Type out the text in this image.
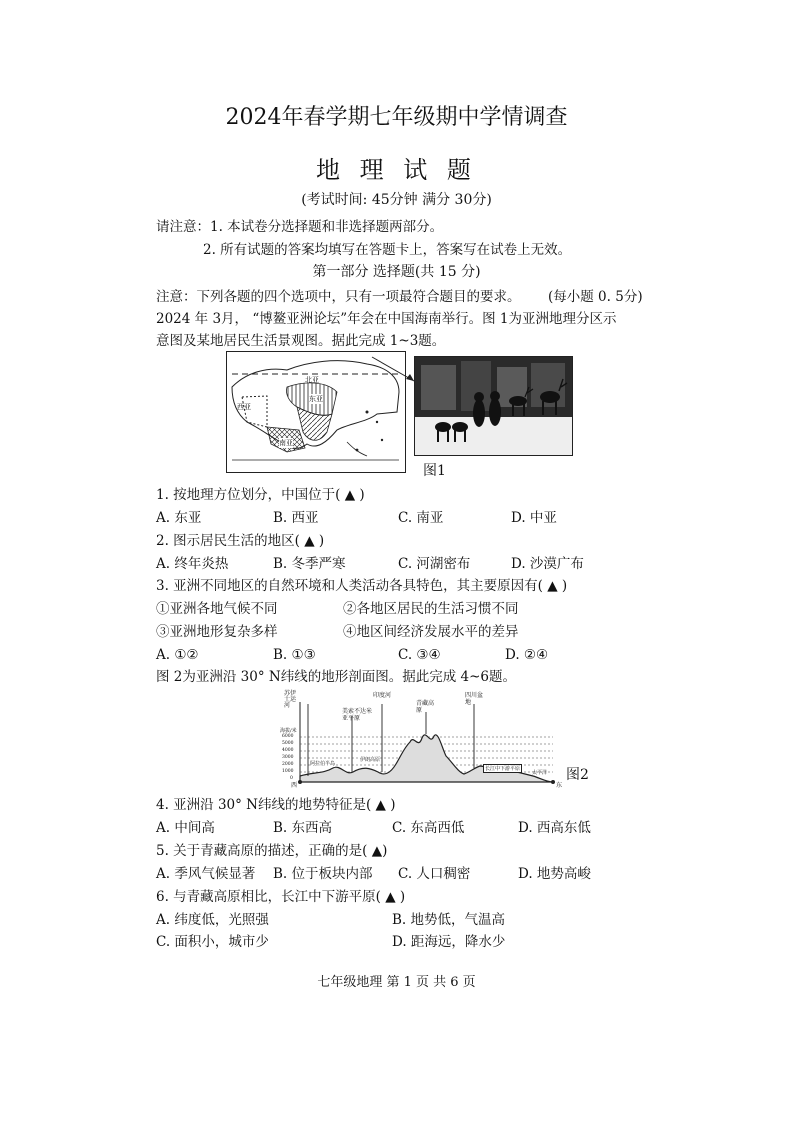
2024年春学期七年级期中学情调查
地 理 试 题
(考试时间: 45分钟 满分 30分)
请注意：1. 本试卷分选择题和非选择题两部分。
2. 所有试题的答案均填写在答题卡上，答案写在试卷上无效。
第一部分 选择题(共 15 分)
注意：下列各题的四个选项中，只有一项最符合题目的要求。 (每小题 0. 5分)
2024 年 3月， “博鳌亚洲论坛”年会在中国海南举行。图 1为亚洲地理分区示
意图及某地居民生活景观图。据此完成 1~3题。
北亚
西亚
东亚
南亚
图1
1. 按地理方位划分，中国位于( ▲ )
A. 东亚	B. 西亚	C. 南亚	D. 中亚
2. 图示居民生活的地区( ▲ )
A. 终年炎热	B. 冬季严寒	C. 河湖密布	D. 沙漠广布
3. 亚洲不同地区的自然环境和人类活动各具特色，其主要原因有( ▲ )
①亚洲各地气候不同	②各地区居民的生活习惯不同
③亚洲地形复杂多样	④地区间经济发展水平的差异
A. ①②	B. ①③	C. ③④	D. ②④
图 2为亚洲沿 30° N纬线的地形剖面图。据此完成 4~6题。
苏伊士运河
美索不达米亚平原
印度河
青藏高原
四川盆地
海拔/米
6000
5000
4000
3000
2000
1000
0
阿拉伯半岛
伊朗高原
长江中下游平原
太平洋
西	东
图2
4. 亚洲沿 30° N纬线的地势特征是( ▲ )
A. 中间高	B. 东西高	C. 东高西低	D. 西高东低
5. 关于青藏高原的描述，正确的是( ▲)
A. 季风气候显著 B. 位于板块内部 C. 人口稠密	D. 地势高峻
6. 与青藏高原相比，长江中下游平原( ▲ )
A. 纬度低，光照强	B. 地势低，气温高
C. 面积小，城市少	D. 距海远，降水少
七年级地理 第 1 页 共 6 页
